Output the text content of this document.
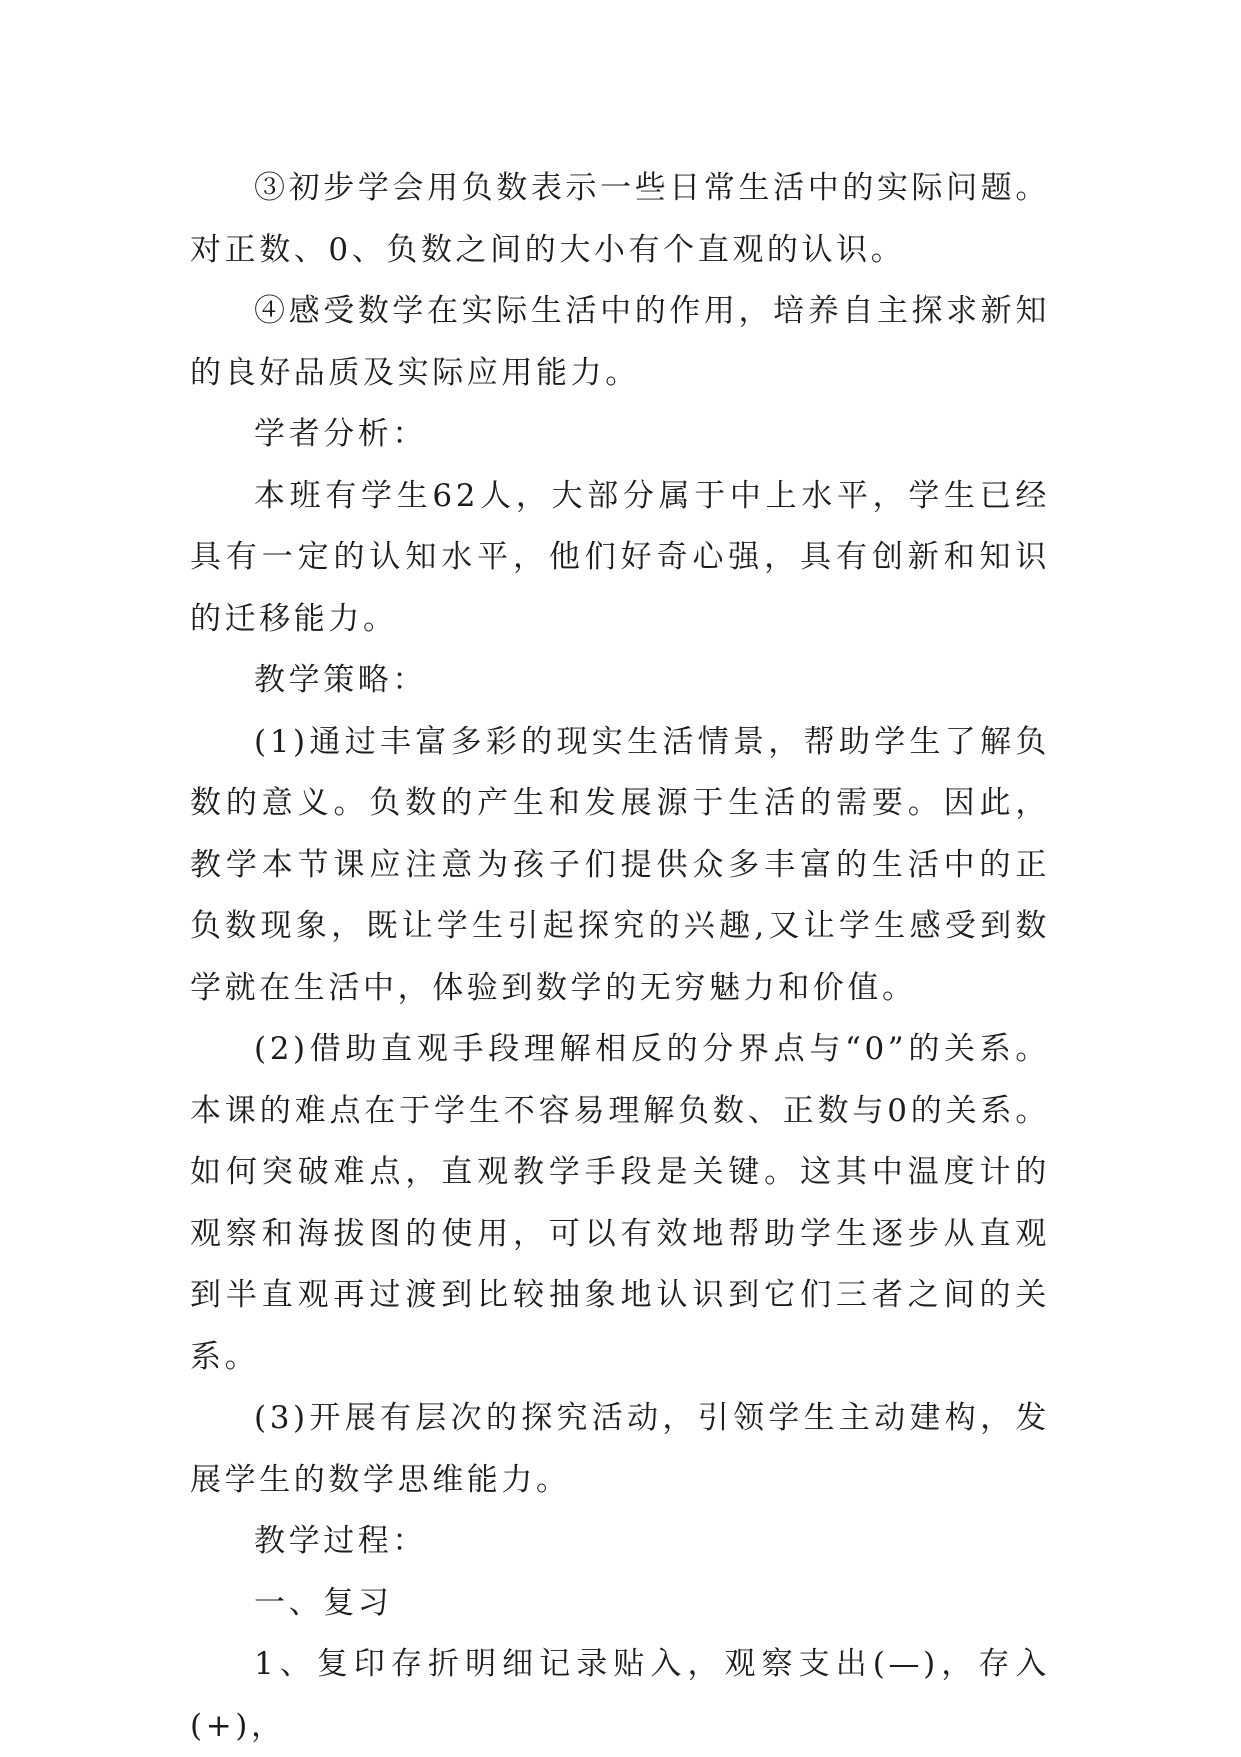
③初步学会用负数表示一些日常生活中的实际问题。对正数、0、负数之间的大小有个直观的认识。

④感受数学在实际生活中的作用，培养自主探求新知的良好品质及实际应用能力。

学者分析：

本班有学生62人，大部分属于中上水平，学生已经具有一定的认知水平，他们好奇心强，具有创新和知识的迁移能力。

教学策略：

(1)通过丰富多彩的现实生活情景，帮助学生了解负数的意义。负数的产生和发展源于生活的需要。因此，教学本节课应注意为孩子们提供众多丰富的生活中的正负数现象，既让学生引起探究的兴趣,又让学生感受到数学就在生活中，体验到数学的无穷魅力和价值。

(2)借助直观手段理解相反的分界点与“0”的关系。本课的难点在于学生不容易理解负数、正数与0的关系。如何突破难点，直观教学手段是关键。这其中温度计的观察和海拔图的使用，可以有效地帮助学生逐步从直观到半直观再过渡到比较抽象地认识到它们三者之间的关系。

(3)开展有层次的探究活动，引领学生主动建构，发展学生的数学思维能力。

教学过程：

一、复习

1、复印存折明细记录贴入，观察支出(—)，存入(+)，
